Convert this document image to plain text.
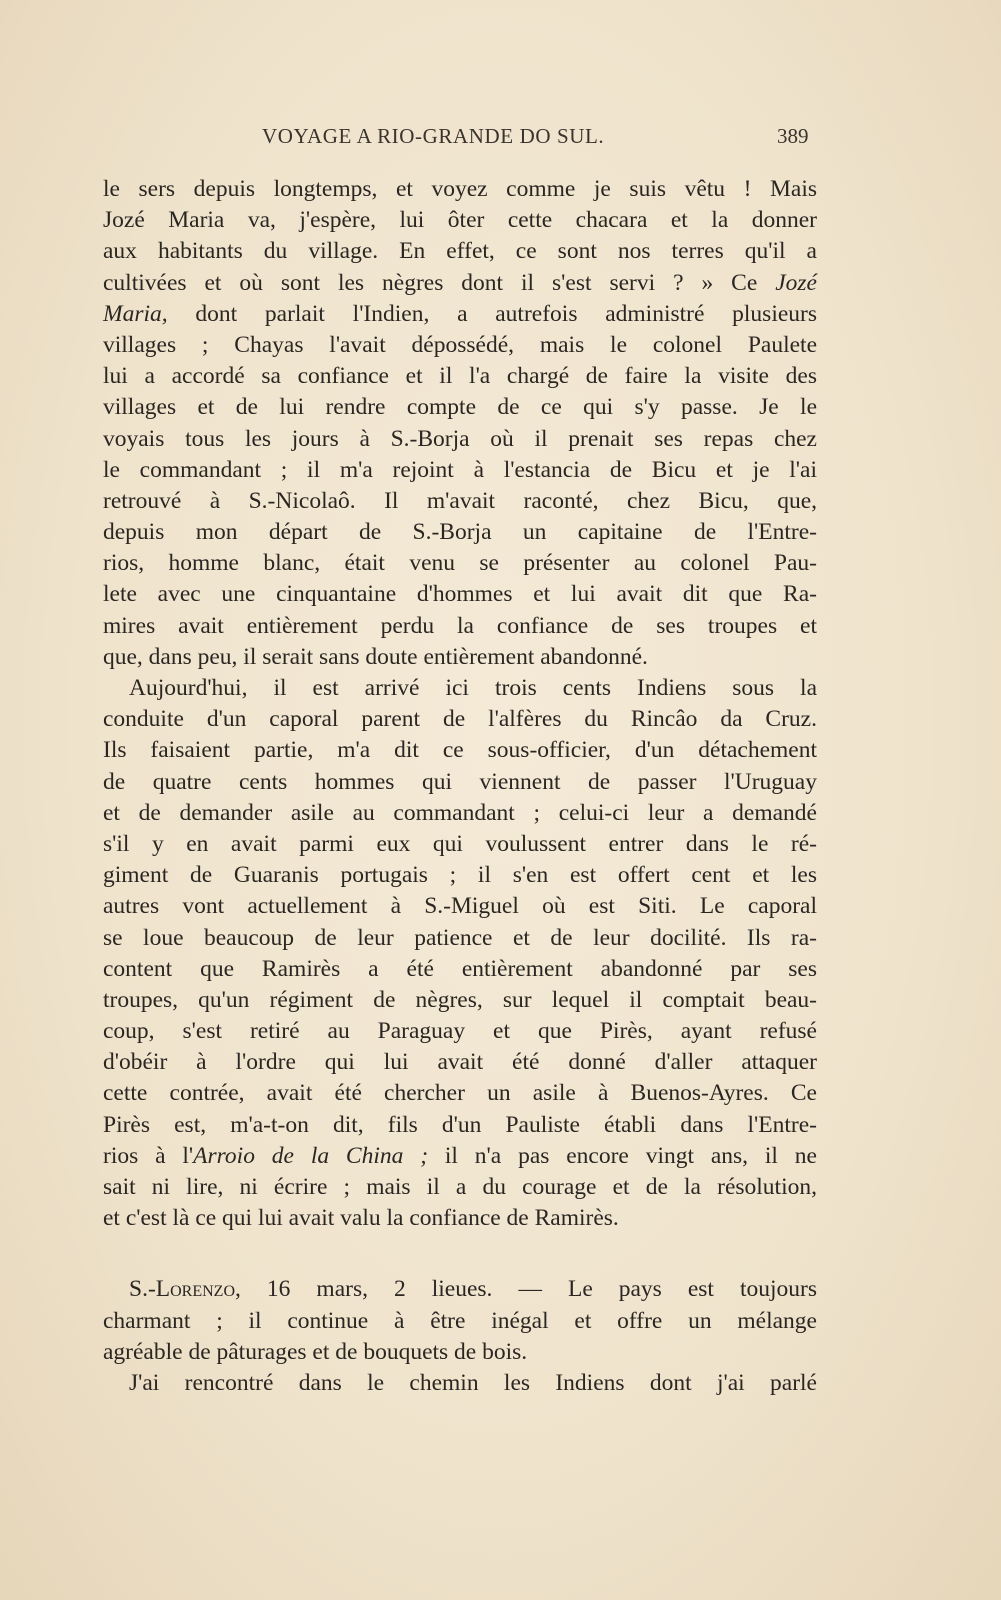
VOYAGE A RIO-GRANDE DO SUL.	389
le sers depuis longtemps, et voyez comme je suis vêtu ! Mais
Jozé Maria va, j'espère, lui ôter cette chacara et la donner
aux habitants du village. En effet, ce sont nos terres qu'il a
cultivées et où sont les nègres dont il s'est servi ? » Ce Jozé
Maria, dont parlait l'Indien, a autrefois administré plusieurs
villages ; Chayas l'avait dépossédé, mais le colonel Paulete
lui a accordé sa confiance et il l'a chargé de faire la visite des
villages et de lui rendre compte de ce qui s'y passe. Je le
voyais tous les jours à S.-Borja où il prenait ses repas chez
le commandant ; il m'a rejoint à l'estancia de Bicu et je l'ai
retrouvé à S.-Nicolaô. Il m'avait raconté, chez Bicu, que,
depuis mon départ de S.-Borja un capitaine de l'Entre-
rios, homme blanc, était venu se présenter au colonel Pau-
lete avec une cinquantaine d'hommes et lui avait dit que Ra-
mires avait entièrement perdu la confiance de ses troupes et
que, dans peu, il serait sans doute entièrement abandonné.
Aujourd'hui, il est arrivé ici trois cents Indiens sous la
conduite d'un caporal parent de l'alfères du Rincâo da Cruz.
Ils faisaient partie, m'a dit ce sous-officier, d'un détachement
de quatre cents hommes qui viennent de passer l'Uruguay
et de demander asile au commandant ; celui-ci leur a demandé
s'il y en avait parmi eux qui voulussent entrer dans le ré-
giment de Guaranis portugais ; il s'en est offert cent et les
autres vont actuellement à S.-Miguel où est Siti. Le caporal
se loue beaucoup de leur patience et de leur docilité. Ils ra-
content que Ramirès a été entièrement abandonné par ses
troupes, qu'un régiment de nègres, sur lequel il comptait beau-
coup, s'est retiré au Paraguay et que Pirès, ayant refusé
d'obéir à l'ordre qui lui avait été donné d'aller attaquer
cette contrée, avait été chercher un asile à Buenos-Ayres. Ce
Pirès est, m'a-t-on dit, fils d'un Pauliste établi dans l'Entre-
rios à l'Arroio de la China ; il n'a pas encore vingt ans, il ne
sait ni lire, ni écrire ; mais il a du courage et de la résolution,
et c'est là ce qui lui avait valu la confiance de Ramirès.
S.-Lorenzo, 16 mars, 2 lieues. — Le pays est toujours
charmant ; il continue à être inégal et offre un mélange
agréable de pâturages et de bouquets de bois.
J'ai rencontré dans le chemin les Indiens dont j'ai parlé
